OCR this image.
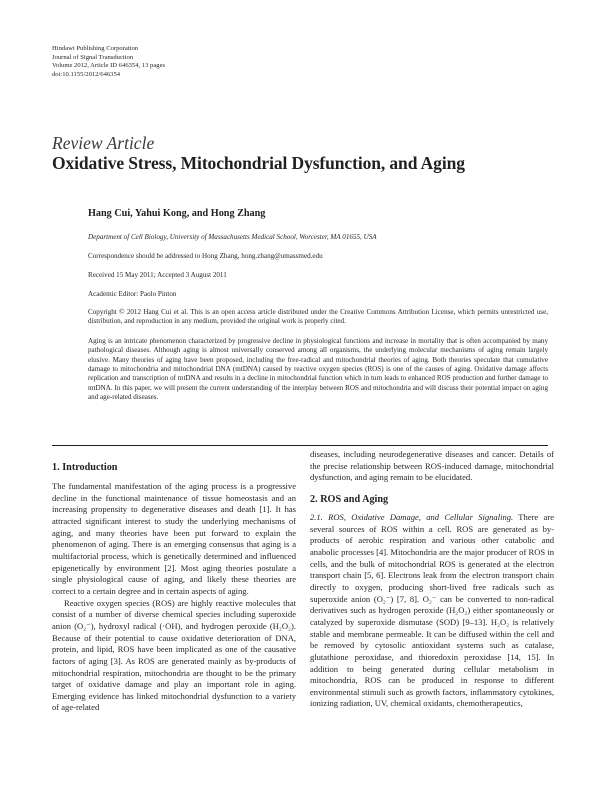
Hindawi Publishing Corporation
Journal of Signal Transduction
Volume 2012, Article ID 646354, 13 pages
doi:10.1155/2012/646354
Review Article
Oxidative Stress, Mitochondrial Dysfunction, and Aging
Hang Cui, Yahui Kong, and Hong Zhang
Department of Cell Biology, University of Massachusetts Medical School, Worcester, MA 01655, USA
Correspondence should be addressed to Hong Zhang, hong.zhang@umassmed.edu
Received 15 May 2011; Accepted 3 August 2011
Academic Editor: Paolo Pinton
Copyright © 2012 Hang Cui et al. This is an open access article distributed under the Creative Commons Attribution License, which permits unrestricted use, distribution, and reproduction in any medium, provided the original work is properly cited.
Aging is an intricate phenomenon characterized by progressive decline in physiological functions and increase in mortality that is often accompanied by many pathological diseases. Although aging is almost universally conserved among all organisms, the underlying molecular mechanisms of aging remain largely elusive. Many theories of aging have been proposed, including the free-radical and mitochondrial theories of aging. Both theories speculate that cumulative damage to mitochondria and mitochondrial DNA (mtDNA) caused by reactive oxygen species (ROS) is one of the causes of aging. Oxidative damage affects replication and transcription of mtDNA and results in a decline in mitochondrial function which in turn leads to enhanced ROS production and further damage to mtDNA. In this paper, we will present the current understanding of the interplay between ROS and mitochondria and will discuss their potential impact on aging and age-related diseases.
1. Introduction

The fundamental manifestation of the aging process is a progressive decline in the functional maintenance of tissue homeostasis and an increasing propensity to degenerative diseases and death [1]. It has attracted significant interest to study the underlying mechanisms of aging, and many theories have been put forward to explain the phenomenon of aging. There is an emerging consensus that aging is a multifactorial process, which is genetically determined and influenced epigenetically by environment [2]. Most aging theories postulate a single physiological cause of aging, and likely these theories are correct to a certain degree and in certain aspects of aging.

Reactive oxygen species (ROS) are highly reactive molecules that consist of a number of diverse chemical species including superoxide anion (O₂⁻), hydroxyl radical (·OH), and hydrogen peroxide (H₂O₂). Because of their potential to cause oxidative deterioration of DNA, protein, and lipid, ROS have been implicated as one of the causative factors of aging [3]. As ROS are generated mainly as by-products of mitochondrial respiration, mitochondria are thought to be the primary target of oxidative damage and play an important role in aging. Emerging evidence has linked mitochondrial dysfunction to a variety of age-related

diseases, including neurodegenerative diseases and cancer. Details of the precise relationship between ROS-induced damage, mitochondrial dysfunction, and aging remain to be elucidated.

2. ROS and Aging

2.1. ROS, Oxidative Damage, and Cellular Signaling. There are several sources of ROS within a cell. ROS are generated as by-products of aerobic respiration and various other catabolic and anabolic processes [4]. Mitochondria are the major producer of ROS in cells, and the bulk of mitochondrial ROS is generated at the electron transport chain [5, 6]. Electrons leak from the electron transport chain directly to oxygen, producing short-lived free radicals such as superoxide anion (O₂⁻) [7, 8]. O₂⁻ can be converted to non-radical derivatives such as hydrogen peroxide (H₂O₂) either spontaneously or catalyzed by superoxide dismutase (SOD) [9–13]. H₂O₂ is relatively stable and membrane permeable. It can be diffused within the cell and be removed by cytosolic antioxidant systems such as catalase, glutathione peroxidase, and thioredoxin peroxidase [14, 15]. In addition to being generated during cellular metabolism in mitochondria, ROS can be produced in response to different environmental stimuli such as growth factors, inflammatory cytokines, ionizing radiation, UV, chemical oxidants, chemotherapeutics,
